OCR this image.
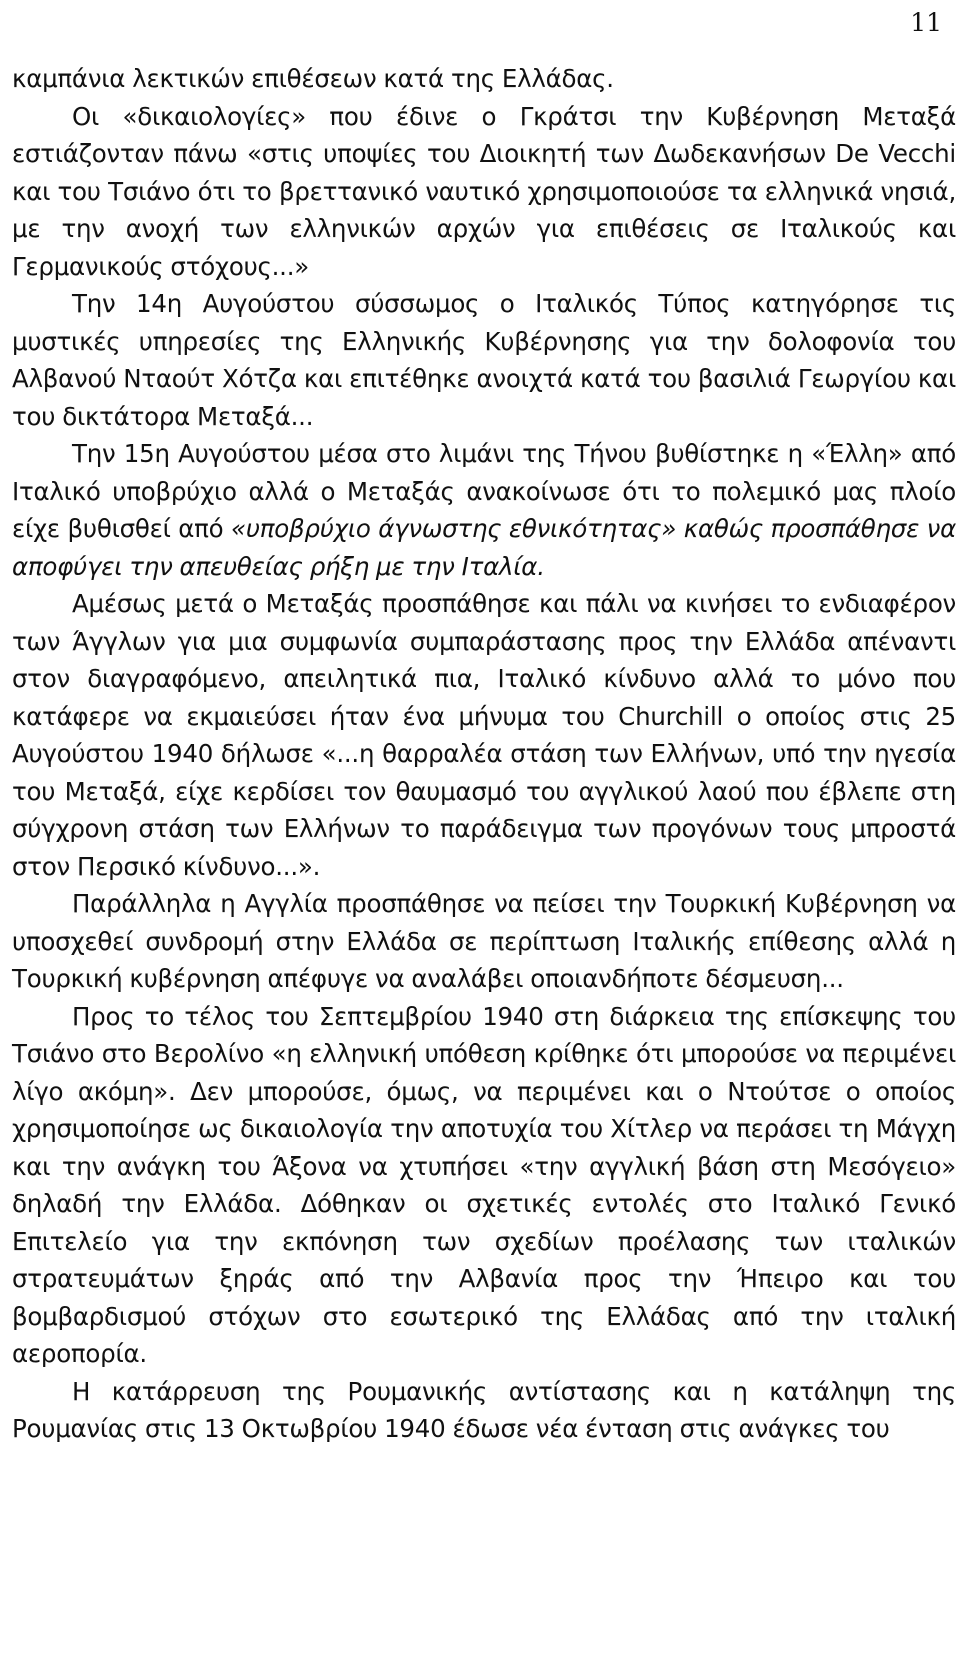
11

καμπάνια λεκτικών επιθέσεων κατά της Ελλάδας.

Οι «δικαιολογίες» που έδινε ο Γκράτσι την Κυβέρνηση Μεταξά εστιάζονταν πάνω «στις υποψίες του Διοικητή των Δωδεκανήσων De Vecchi και του Τσιάνο ότι το βρεττανικό ναυτικό χρησιμοποιούσε τα ελληνικά νησιά, με την ανοχή των ελληνικών αρχών για επιθέσεις σε Ιταλικούς και Γερμανικούς στόχους...»

Την 14η Αυγούστου σύσσωμος ο Ιταλικός Τύπος κατηγόρησε τις μυστικές υπηρεσίες της Ελληνικής Κυβέρνησης για την δολοφονία του Αλβανού Νταούτ Χότζα και επιτέθηκε ανοιχτά κατά του βασιλιά Γεωργίου και του δικτάτορα Μεταξά...

Την 15η Αυγούστου μέσα στο λιμάνι της Τήνου βυθίστηκε η «Έλλη» από Ιταλικό υποβρύχιο αλλά ο Μεταξάς ανακοίνωσε ότι το πολεμικό μας πλοίο είχε βυθισθεί από «υποβρύχιο άγνωστης εθνικότητας» καθώς προσπάθησε να αποφύγει την απευθείας ρήξη με την Ιταλία.

Αμέσως μετά ο Μεταξάς προσπάθησε και πάλι να κινήσει το ενδιαφέρον των Άγγλων για μια συμφωνία συμπαράστασης προς την Ελλάδα απέναντι στον διαγραφόμενο, απειλητικά πια, Ιταλικό κίνδυνο αλλά το μόνο που κατάφερε να εκμαιεύσει ήταν ένα μήνυμα του Churchill ο οποίος στις 25 Αυγούστου 1940 δήλωσε «...η θαρραλέα στάση των Ελλήνων, υπό την ηγεσία του Μεταξά, είχε κερδίσει τον θαυμασμό του αγγλικού λαού που έβλεπε στη σύγχρονη στάση των Ελλήνων το παράδειγμα των προγόνων τους μπροστά στον Περσικό κίνδυνο...».

Παράλληλα η Αγγλία προσπάθησε να πείσει την Τουρκική Κυβέρνηση να υποσχεθεί συνδρομή στην Ελλάδα σε περίπτωση Ιταλικής επίθεσης αλλά η Τουρκική κυβέρνηση απέφυγε να αναλάβει οποιανδήποτε δέσμευση...

Προς το τέλος του Σεπτεμβρίου 1940 στη διάρκεια της επίσκεψης του Τσιάνο στο Βερολίνο «η ελληνική υπόθεση κρίθηκε ότι μπορούσε να περιμένει λίγο ακόμη». Δεν μπορούσε, όμως, να περιμένει και ο Ντούτσε ο οποίος χρησιμοποίησε ως δικαιολογία την αποτυχία του Χίτλερ να περάσει τη Μάγχη και την ανάγκη του Άξονα να χτυπήσει «την αγγλική βάση στη Μεσόγειο» δηλαδή την Ελλάδα. Δόθηκαν οι σχετικές εντολές στο Ιταλικό Γενικό Επιτελείο για την εκπόνηση των σχεδίων προέλασης των ιταλικών στρατευμάτων ξηράς από την Αλβανία προς την Ήπειρο και του βομβαρδισμού στόχων στο εσωτερικό της Ελλάδας από την ιταλική αεροπορία.

Η κατάρρευση της Ρουμανικής αντίστασης και η κατάληψη της Ρουμανίας στις 13 Οκτωβρίου 1940 έδωσε νέα ένταση στις ανάγκες του
